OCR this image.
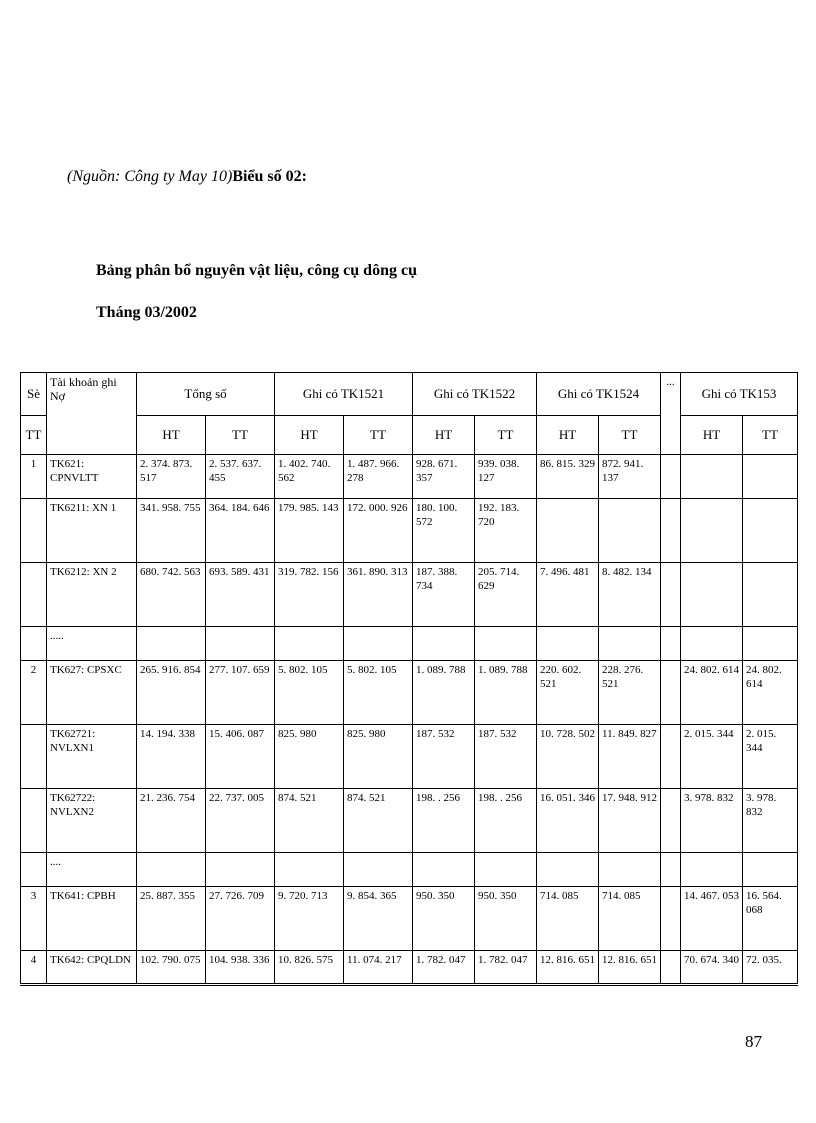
(Nguồn: Công ty May 10)Biểu số 02:
Bảng phân bổ nguyên vật liệu, công cụ dông cụ
Tháng 03/2002
Sè	Tài khoản ghi Nợ	Tổng số		Ghi có TK1521		Ghi có TK1522		Ghi có TK1524		...	Ghi có TK153	
TT		HT	TT	HT	TT	HT	TT	HT	TT		HT	TT

1	TK621: CPNVLTT	2. 374. 873. 517	2. 537. 637. 455	1. 402. 740. 562	1. 487. 966. 278	928. 671. 357	939. 038. 127	86. 815. 329	872. 941. 137			

	TK6211: XN 1	341. 958. 755	364. 184. 646	179. 985. 143	172. 000. 926	180. 100. 572	192. 183. 720					

	TK6212: XN 2	680. 742. 563	693. 589. 431	319. 782. 156	361. 890. 313	187. 388. 734	205. 714. 629	7. 496. 481	8. 482. 134			

	.....											

2	TK627: CPSXC	265. 916. 854	277. 107. 659	5. 802. 105	5. 802. 105	1. 089. 788	1. 089. 788	220. 602. 521	228. 276. 521		24. 802. 614	24. 802. 614

	TK62721: NVLXN1	14. 194. 338	15. 406. 087	825. 980	825. 980	187. 532	187. 532	10. 728. 502	11. 849. 827		2. 015. 344	2. 015. 344

	TK62722: NVLXN2	21. 236. 754	22. 737. 005	874. 521	874. 521	198. . 256	198. . 256	16. 051. 346	17. 948. 912		3. 978. 832	3. 978. 832

	....											

3	TK641: CPBH	25. 887. 355	27. 726. 709	9. 720. 713	9. 854. 365	950. 350	950. 350	714. 085	714. 085		14. 467. 053	16. 564. 068

4	TK642: CPQLDN	102. 790. 075	104. 938. 336	10. 826. 575	11. 074. 217	1. 782. 047	1. 782. 047	12. 816. 651	12. 816. 651		70. 674. 340	72. 035.
87
